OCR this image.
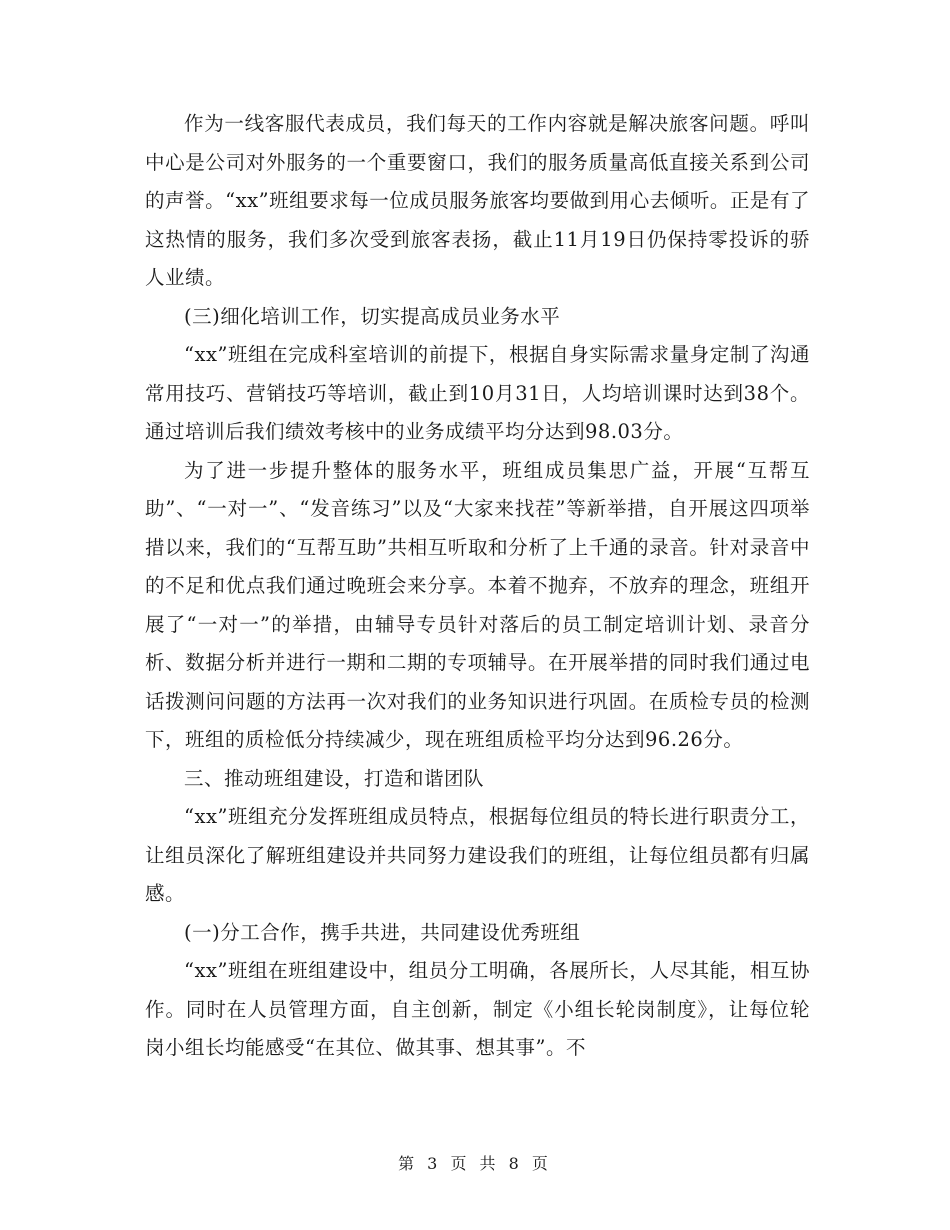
作为一线客服代表成员，我们每天的工作内容就是解决旅客问题。呼叫中心是公司对外服务的一个重要窗口，我们的服务质量高低直接关系到公司的声誉。“xx”班组要求每一位成员服务旅客均要做到用心去倾听。正是有了这热情的服务，我们多次受到旅客表扬，截止11月19日仍保持零投诉的骄人业绩。

(三)细化培训工作，切实提高成员业务水平

“xx”班组在完成科室培训的前提下，根据自身实际需求量身定制了沟通常用技巧、营销技巧等培训，截止到10月31日，人均培训课时达到38个。通过培训后我们绩效考核中的业务成绩平均分达到98.03分。

为了进一步提升整体的服务水平，班组成员集思广益，开展“互帮互助”、“一对一”、“发音练习”以及“大家来找茬”等新举措，自开展这四项举措以来，我们的“互帮互助”共相互听取和分析了上千通的录音。针对录音中的不足和优点我们通过晚班会来分享。本着不抛弃，不放弃的理念，班组开展了“一对一”的举措，由辅导专员针对落后的员工制定培训计划、录音分析、数据分析并进行一期和二期的专项辅导。在开展举措的同时我们通过电话拨测问问题的方法再一次对我们的业务知识进行巩固。在质检专员的检测下，班组的质检低分持续减少，现在班组质检平均分达到96.26分。

三、推动班组建设，打造和谐团队

“xx”班组充分发挥班组成员特点，根据每位组员的特长进行职责分工，让组员深化了解班组建设并共同努力建设我们的班组，让每位组员都有归属感。

(一)分工合作，携手共进，共同建设优秀班组

“xx”班组在班组建设中，组员分工明确，各展所长，人尽其能，相互协作。同时在人员管理方面，自主创新，制定《小组长轮岗制度》，让每位轮岗小组长均能感受“在其位、做其事、想其事”。不

第 3 页 共 8 页
